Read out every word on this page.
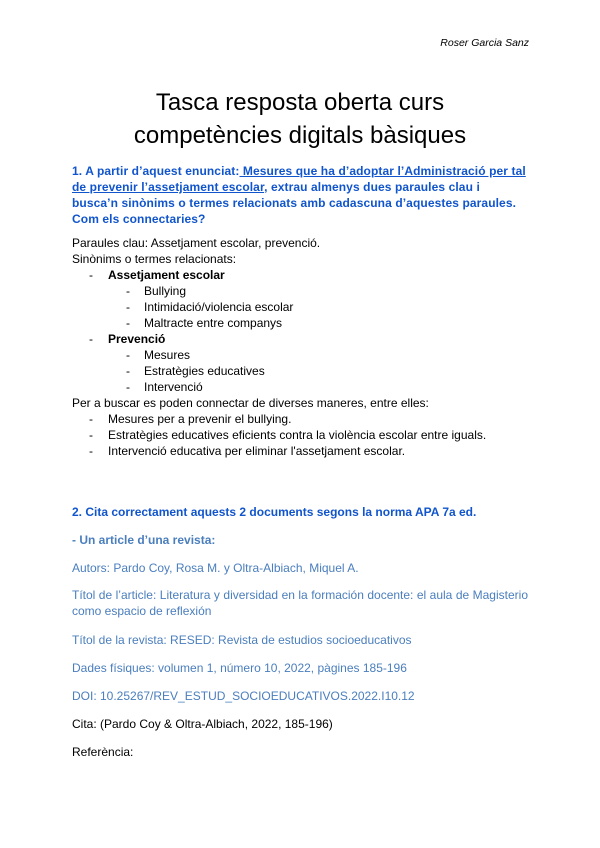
Roser Garcia Sanz
Tasca resposta oberta curs
competències digitals bàsiques
1. A partir d’aquest enunciat: Mesures que ha d’adoptar l’Administració per tal de prevenir l’assetjament escolar, extrau almenys dues paraules clau i busca’n sinònims o termes relacionats amb cadascuna d’aquestes paraules. Com els connectaries?

Paraules clau: Assetjament escolar, prevenció.

Sinònims o termes relacionats:

- Assetjament escolar
- Bullying
- Intimidació/violencia escolar
- Maltracte entre companys
- Prevenció
- Mesures
- Estratègies educatives
- Intervenció

Per a buscar es poden connectar de diverses maneres, entre elles:

- Mesures per a prevenir el bullying.
- Estratègies educatives eficients contra la violència escolar entre iguals.
- Intervenció educativa per eliminar l'assetjament escolar.
2. Cita correctament aquests 2 documents segons la norma APA 7a ed.
- Un article d’una revista:
Autors: Pardo Coy, Rosa M. y Oltra-Albiach, Miquel A.
Títol de l’article: Literatura y diversidad en la formación docente: el aula de Magisterio como espacio de reflexión
Títol de la revista: RESED: Revista de estudios socioeducativos
Dades físiques: volumen 1, número 10, 2022, pàgines 185-196
DOI: 10.25267/REV_ESTUD_SOCIOEDUCATIVOS.2022.I10.12
Cita: (Pardo Coy & Oltra-Albiach, 2022, 185-196)
Referència:
